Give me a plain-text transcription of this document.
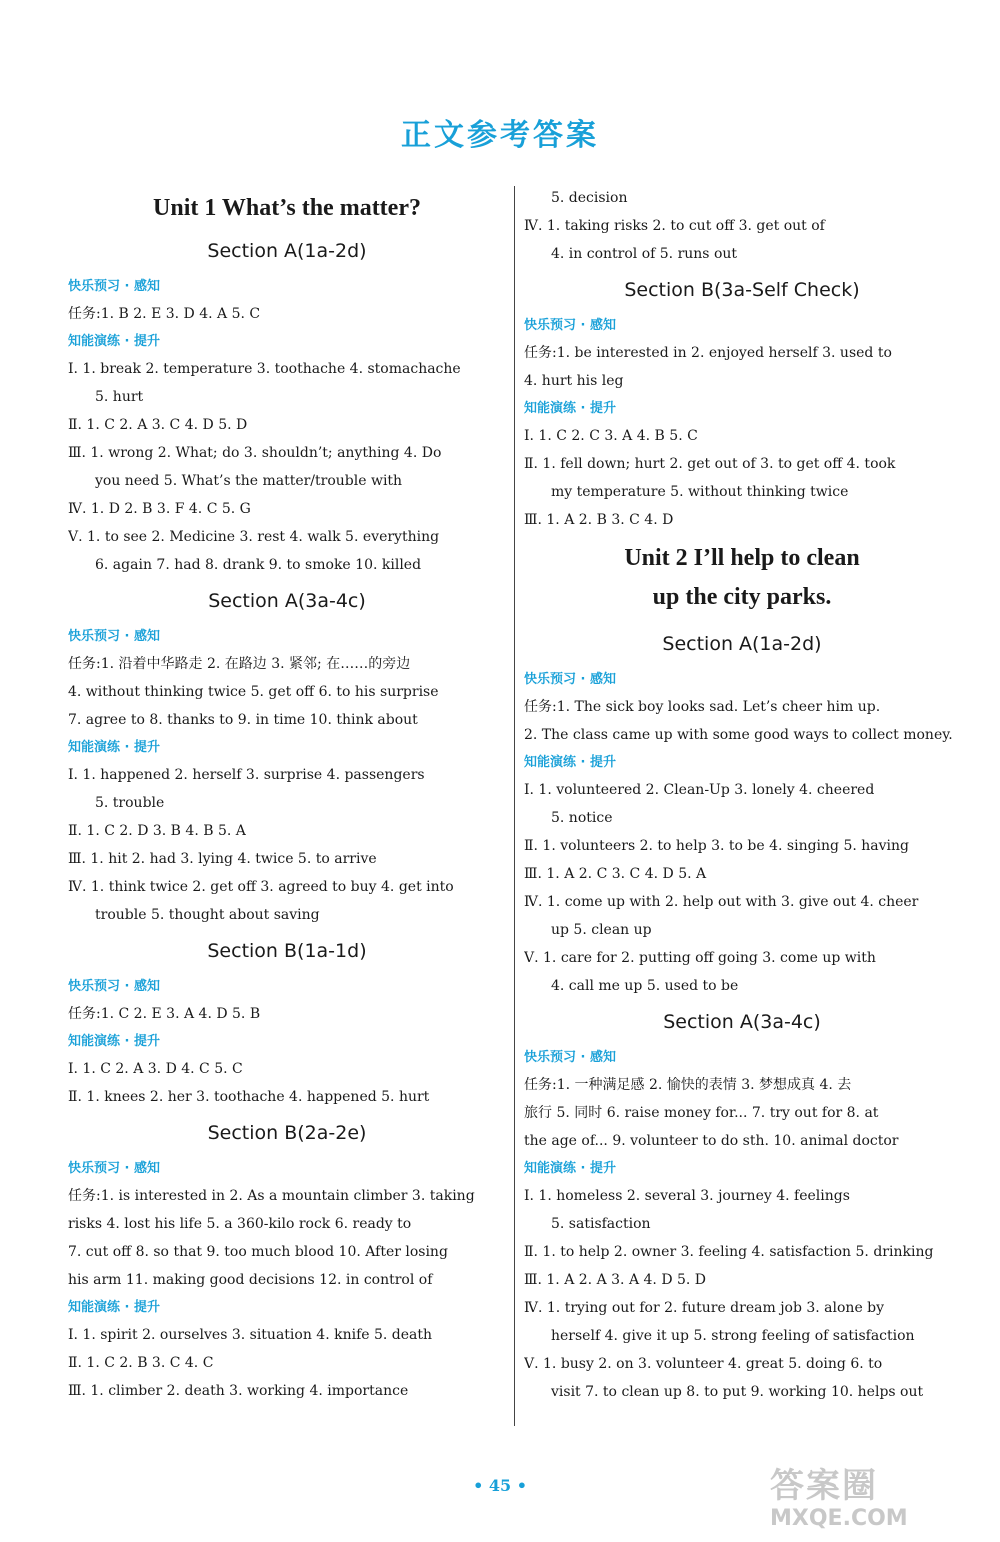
正文参考答案
Unit 1 What’s the matter?
Section A(1a-2d)
快乐预习 · 感知
任务:1. B 2. E 3. D 4. A 5. C
知能演练 · 提升
Ⅰ. 1. break 2. temperature 3. toothache 4. stomachache
5. hurt
Ⅱ. 1. C 2. A 3. C 4. D 5. D
Ⅲ. 1. wrong 2. What; do 3. shouldn’t; anything 4. Do
you need 5. What’s the matter/trouble with
Ⅳ. 1. D 2. B 3. F 4. C 5. G
Ⅴ. 1. to see 2. Medicine 3. rest 4. walk 5. everything
6. again 7. had 8. drank 9. to smoke 10. killed
Section A(3a-4c)
快乐预习 · 感知
任务:1. 沿着中华路走 2. 在路边 3. 紧邻; 在……的旁边
4. without thinking twice 5. get off 6. to his surprise
7. agree to 8. thanks to 9. in time 10. think about
知能演练 · 提升
Ⅰ. 1. happened 2. herself 3. surprise 4. passengers
5. trouble
Ⅱ. 1. C 2. D 3. B 4. B 5. A
Ⅲ. 1. hit 2. had 3. lying 4. twice 5. to arrive
Ⅳ. 1. think twice 2. get off 3. agreed to buy 4. get into
trouble 5. thought about saving
Section B(1a-1d)
快乐预习 · 感知
任务:1. C 2. E 3. A 4. D 5. B
知能演练 · 提升
Ⅰ. 1. C 2. A 3. D 4. C 5. C
Ⅱ. 1. knees 2. her 3. toothache 4. happened 5. hurt
Section B(2a-2e)
快乐预习 · 感知
任务:1. is interested in 2. As a mountain climber 3. taking
risks 4. lost his life 5. a 360-kilo rock 6. ready to
7. cut off 8. so that 9. too much blood 10. After losing
his arm 11. making good decisions 12. in control of
知能演练 · 提升
Ⅰ. 1. spirit 2. ourselves 3. situation 4. knife 5. death
Ⅱ. 1. C 2. B 3. C 4. C
Ⅲ. 1. climber 2. death 3. working 4. importance
5. decision
Ⅳ. 1. taking risks 2. to cut off 3. get out of
4. in control of 5. runs out
Section B(3a-Self Check)
快乐预习 · 感知
任务:1. be interested in 2. enjoyed herself 3. used to
4. hurt his leg
知能演练 · 提升
Ⅰ. 1. C 2. C 3. A 4. B 5. C
Ⅱ. 1. fell down; hurt 2. get out of 3. to get off 4. took
my temperature 5. without thinking twice
Ⅲ. 1. A 2. B 3. C 4. D
Unit 2 I’ll help to clean
up the city parks.
Section A(1a-2d)
快乐预习 · 感知
任务:1. The sick boy looks sad. Let’s cheer him up.
2. The class came up with some good ways to collect money.
知能演练 · 提升
Ⅰ. 1. volunteered 2. Clean-Up 3. lonely 4. cheered
5. notice
Ⅱ. 1. volunteers 2. to help 3. to be 4. singing 5. having
Ⅲ. 1. A 2. C 3. C 4. D 5. A
Ⅳ. 1. come up with 2. help out with 3. give out 4. cheer
up 5. clean up
Ⅴ. 1. care for 2. putting off going 3. come up with
4. call me up 5. used to be
Section A(3a-4c)
快乐预习 · 感知
任务:1. 一种满足感 2. 愉快的表情 3. 梦想成真 4. 去
旅行 5. 同时 6. raise money for... 7. try out for 8. at
the age of... 9. volunteer to do sth. 10. animal doctor
知能演练 · 提升
Ⅰ. 1. homeless 2. several 3. journey 4. feelings
5. satisfaction
Ⅱ. 1. to help 2. owner 3. feeling 4. satisfaction 5. drinking
Ⅲ. 1. A 2. A 3. A 4. D 5. D
Ⅳ. 1. trying out for 2. future dream job 3. alone by
herself 4. give it up 5. strong feeling of satisfaction
Ⅴ. 1. busy 2. on 3. volunteer 4. great 5. doing 6. to
visit 7. to clean up 8. to put 9. working 10. helps out
• 45 •	答案圈
MXQE.COM
